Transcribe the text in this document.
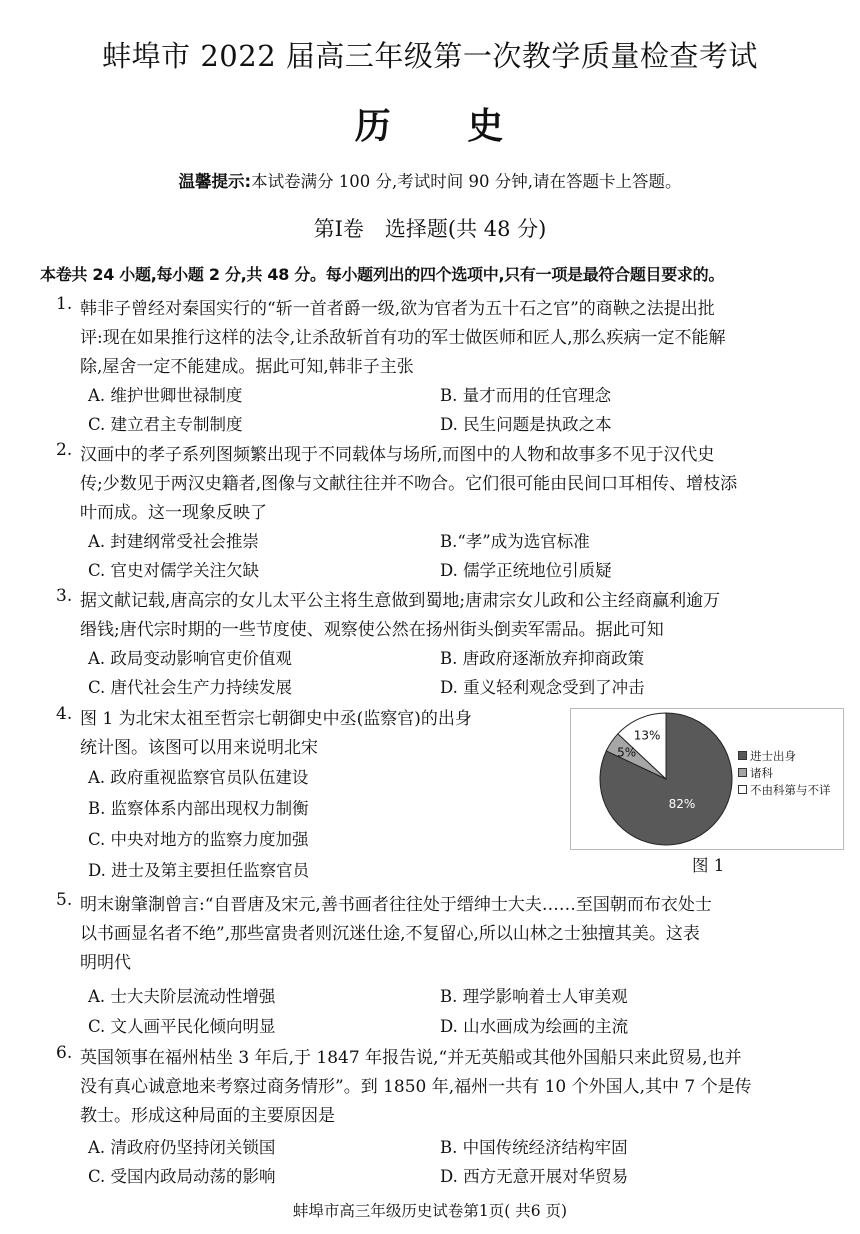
蚌埠市 2022 届高三年级第一次教学质量检查考试
历 史
温馨提示:本试卷满分 100 分,考试时间 90 分钟,请在答题卡上答题。
第Ⅰ卷　选择题(共 48 分)
本卷共 24 小题,每小题 2 分,共 48 分。每小题列出的四个选项中,只有一项是最符合题目要求的。
1. 韩非子曾经对秦国实行的“斩一首者爵一级,欲为官者为五十石之官”的商鞅之法提出批
评:现在如果推行这样的法令,让杀敌斩首有功的军士做医师和匠人,那么疾病一定不能解
除,屋舍一定不能建成。据此可知,韩非子主张
A. 维护世卿世禄制度	B. 量才而用的任官理念
C. 建立君主专制制度	D. 民生问题是执政之本
2. 汉画中的孝子系列图频繁出现于不同载体与场所,而图中的人物和故事多不见于汉代史
传;少数见于两汉史籍者,图像与文献往往并不吻合。它们很可能由民间口耳相传、增枝添
叶而成。这一现象反映了
A. 封建纲常受社会推崇	B.“孝”成为选官标准
C. 官史对儒学关注欠缺	D. 儒学正统地位引质疑
3. 据文献记载,唐高宗的女儿太平公主将生意做到蜀地;唐肃宗女儿政和公主经商赢利逾万
缗钱;唐代宗时期的一些节度使、观察使公然在扬州街头倒卖军需品。据此可知
A. 政局变动影响官吏价值观	B. 唐政府逐渐放弃抑商政策
C. 唐代社会生产力持续发展	D. 重义轻利观念受到了冲击
4. 图 1 为北宋太祖至哲宗七朝御史中丞(监察官)的出身
统计图。该图可以用来说明北宋
A. 政府重视监察官员队伍建设
B. 监察体系内部出现权力制衡
C. 中央对地方的监察力度加强
D. 进士及第主要担任监察官员
82%
5%
13%
进士出身
诸科
不由科第与不详
图 1
5. 明末谢肇淛曾言:“自晋唐及宋元,善书画者往往处于缙绅士大夫……至国朝而布衣处士
以书画显名者不绝”,那些富贵者则沉迷仕途,不复留心,所以山林之士独擅其美。这表
明明代
A. 士大夫阶层流动性增强	B. 理学影响着士人审美观
C. 文人画平民化倾向明显	D. 山水画成为绘画的主流
6. 英国领事在福州枯坐 3 年后,于 1847 年报告说,“并无英船或其他外国船只来此贸易,也并
没有真心诚意地来考察过商务情形”。到 1850 年,福州一共有 10 个外国人,其中 7 个是传
教士。形成这种局面的主要原因是
A. 清政府仍坚持闭关锁国	B. 中国传统经济结构牢固
C. 受国内政局动荡的影响	D. 西方无意开展对华贸易
蚌埠市高三年级历史试卷第1页( 共6 页)
